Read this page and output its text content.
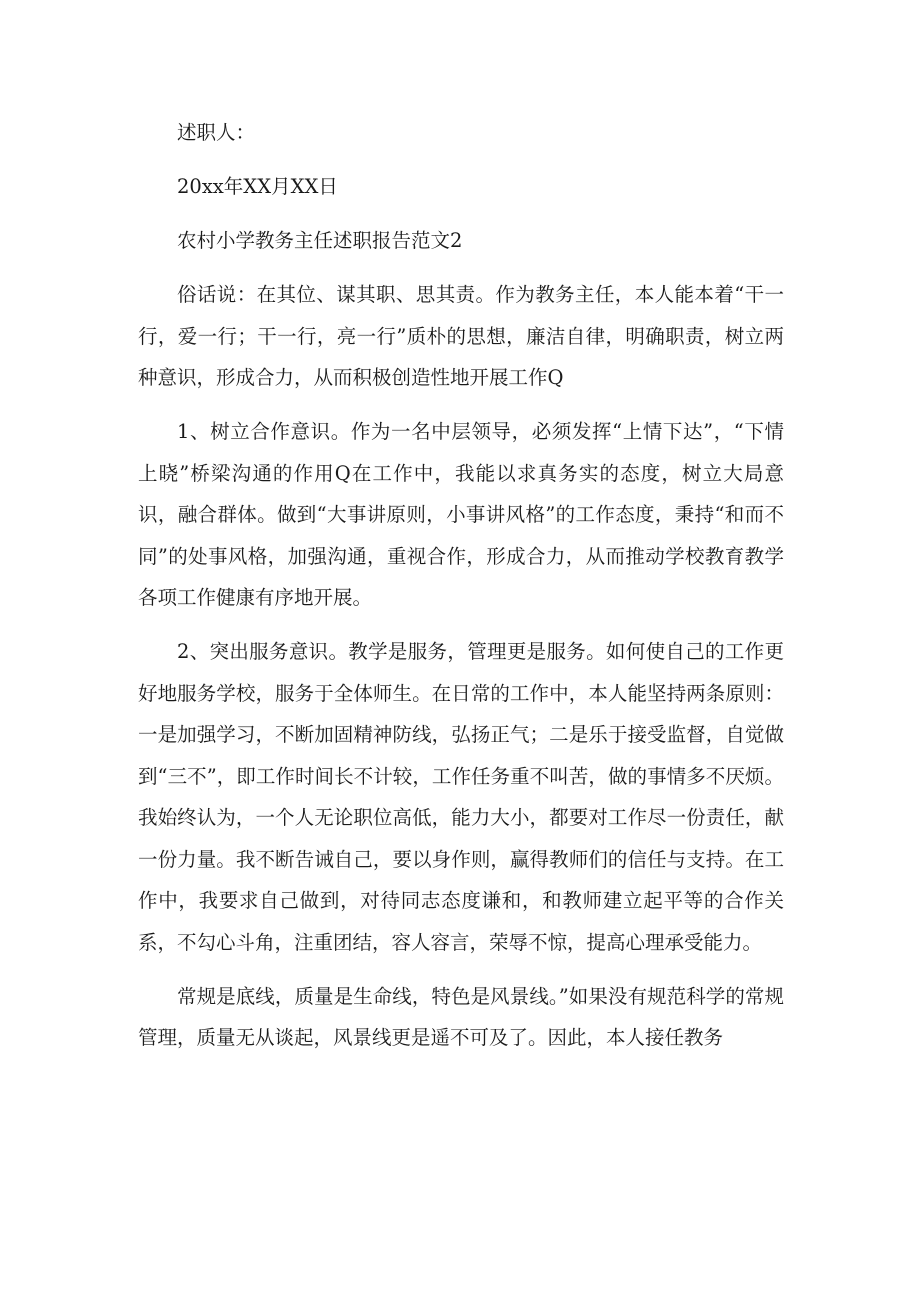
述职人：

20xx年XX月XX日

农村小学教务主任述职报告范文2

俗话说：在其位、谋其职、思其责。作为教务主任，本人能本着“干一行，爱一行；干一行，亮一行”质朴的思想，廉洁自律，明确职责，树立两种意识，形成合力，从而积极创造性地开展工作Q

1、树立合作意识。作为一名中层领导，必须发挥“上情下达”，“下情上晓”桥梁沟通的作用Q在工作中，我能以求真务实的态度，树立大局意识，融合群体。做到“大事讲原则，小事讲风格”的工作态度，秉持“和而不同”的处事风格，加强沟通，重视合作，形成合力，从而推动学校教育教学各项工作健康有序地开展。

2、突出服务意识。教学是服务，管理更是服务。如何使自己的工作更好地服务学校，服务于全体师生。在日常的工作中，本人能坚持两条原则：一是加强学习，不断加固精神防线，弘扬正气；二是乐于接受监督，自觉做到“三不”，即工作时间长不计较，工作任务重不叫苦，做的事情多不厌烦。我始终认为，一个人无论职位高低，能力大小，都要对工作尽一份责任，献一份力量。我不断告诫自己，要以身作则，赢得教师们的信任与支持。在工作中，我要求自己做到，对待同志态度谦和，和教师建立起平等的合作关系，不勾心斗角，注重团结，容人容言，荣辱不惊，提高心理承受能力。

常规是底线，质量是生命线，特色是风景线。”如果没有规范科学的常规管理，质量无从谈起，风景线更是遥不可及了。因此，本人接任教务
